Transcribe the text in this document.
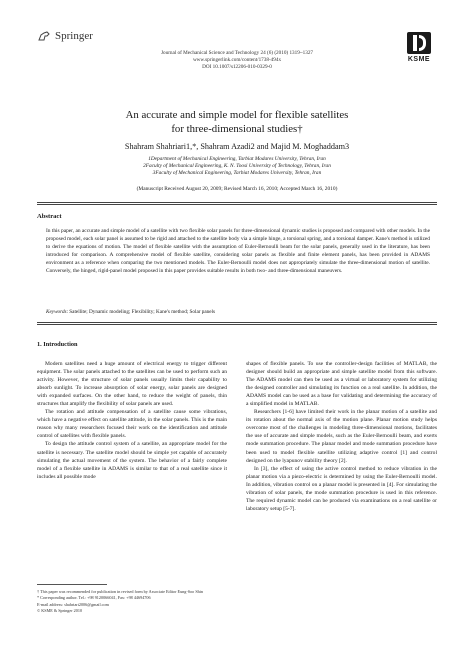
Springer
Journal of Mechanical Science and Technology 24 (6) (2010) 1319~1327
www.springerlink.com/content/1738-494x
DOI 10.1007/s12206-010-0329-0
KSME
An accurate and simple model for flexible satellites
for three-dimensional studies†
Shahram Shahriari1,*, Shahram Azadi2 and Majid M. Moghaddam3
1Department of Mechanical Engineering, Tarbiat Modares University, Tehran, Iran
2Faculty of Mechanical Engineering, K. N. Toosi University of Technology, Tehran, Iran
3Faculty of Mechanical Engineering, Tarbiat Modares University, Tehran, Iran
(Manuscript Received August 20, 2009; Revised March 16, 2010; Accepted March 16, 2010)
Abstract
In this paper, an accurate and simple model of a satellite with two flexible solar panels for three-dimensional dynamic studies is proposed and compared with other models. In the proposed model, each solar panel is assumed to be rigid and attached to the satellite body via a simple hinge, a torsional spring, and a torsional damper. Kane's method is utilized to derive the equations of motion. The model of flexible satellite with the assumption of Euler-Bernoulli beam for the solar panels, generally used in the literature, has been introduced for comparison. A comprehensive model of flexible satellite, considering solar panels as flexible and finite element panels, has been provided in ADAMS environment as a reference when comparing the two mentioned models. The Euler-Bernoulli model does not appropriately simulate the three-dimensional motion of satellite. Conversely, the hinged, rigid-panel model proposed in this paper provides suitable results in both two- and three-dimensional maneuvers.
Keywords: Satellite; Dynamic modeling; Flexibility; Kane's method; Solar panels
1. Introduction

Modern satellites need a huge amount of electrical energy to trigger different equipment. The solar panels attached to the satellites can be used to perform such an activity. However, the structure of solar panels usually limits their capability to absorb sunlight. To increase absorption of solar energy, solar panels are designed with expanded surfaces. On the other hand, to reduce the weight of panels, thin structures that amplify the flexibility of solar panels are used.

The rotation and attitude compensation of a satellite cause some vibrations, which have a negative effect on satellite attitude, in the solar panels. This is the main reason why many researchers focused their work on the identification and attitude control of satellites with flexible panels.

To design the attitude control system of a satellite, an appropriate model for the satellite is necessary. The satellite model should be simple yet capable of accurately simulating the actual movement of the system. The behavior of a fairly complete model of a flexible satellite in ADAMS is similar to that of a real satellite since it includes all possible mode

shapes of flexible panels. To use the controller-design facilities of MATLAB, the designer should build an appropriate and simple satellite model from this software. The ADAMS model can then be used as a virtual or laboratory system for utilizing the designed controller and simulating its function on a real satellite. In addition, the ADAMS model can be used as a base for validating and determining the accuracy of a simplified model in MATLAB.

Researchers [1-6] have limited their work in the planar motion of a satellite and its rotation about the normal axis of the motion plane. Planar motion study helps overcome most of the challenges in modeling three-dimensional motions, facilitates the use of accurate and simple models, such as the Euler-Bernoulli beam, and exerts mode summation procedure. The planar model and mode summation procedure have been used to model flexible satellite utilizing adaptive control [1] and control designed on the lyapunov stability theory [2].

In [3], the effect of using the active control method to reduce vibration in the planar motion via a piezo-electric is determined by using the Euler-Bernoulli model. In addition, vibration control on a planar model is presented in [4]. For simulating the vibration of solar panels, the mode summation procedure is used in this reference. The required dynamic model can be produced via examinations on a real satellite or laboratory setup [5-7].

† This paper was recommended for publication in revised form by Associate Editor Eung-Soo Shin
* Corresponding author. Tel.: +98 9120066041, Fax: +98 44694706
E-mail address: shahriari2006@gmail.com
© KSME & Springer 2010
